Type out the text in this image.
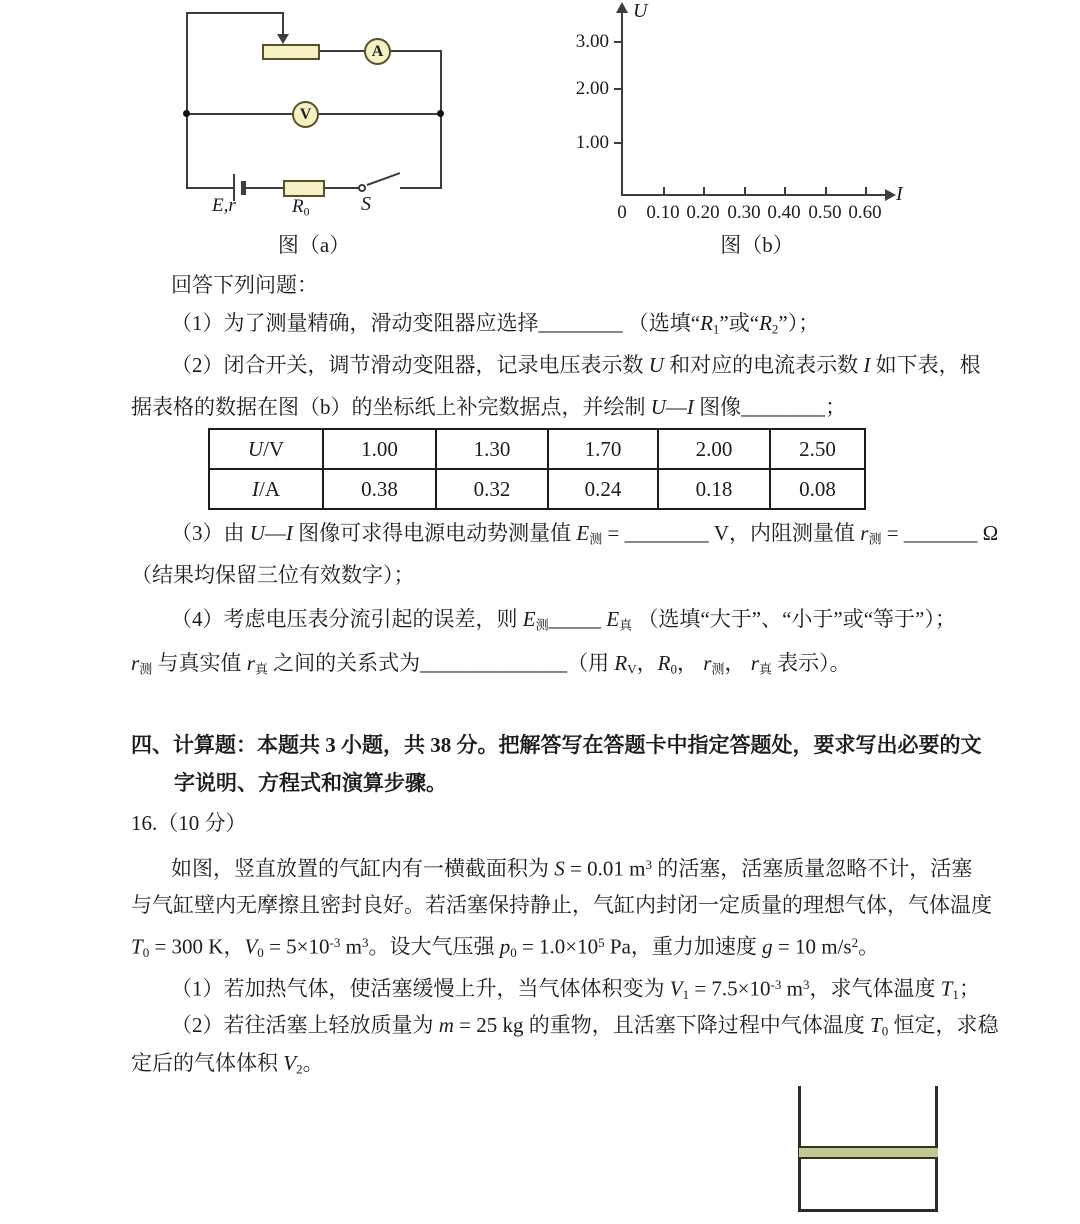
A
V
E,r	R0	S
图（a）
U
I
3.00
2.00
1.00
0	0.10 0.20 0.30 0.40 0.50 0.60
图（b）
回答下列问题：
（1）为了测量精确，滑动变阻器应选择________ （选填“R1”或“R2”）；
（2）闭合开关，调节滑动变阻器，记录电压表示数 U 和对应的电流表示数 I 如下表，根
据表格的数据在图（b）的坐标纸上补完数据点，并绘制 U—I 图像________；
U/V	1.00	1.30	1.70	2.00	2.50
I/A	0.38	0.32	0.24	0.18	0.08
（3）由 U—I 图像可求得电源电动势测量值 E测 = ________ V，内阻测量值 r测 = _______ Ω
（结果均保留三位有效数字）；
（4）考虑电压表分流引起的误差，则 E测_____ E真 （选填“大于”、“小于”或“等于”）；
r测 与真实值 r真 之间的关系式为______________（用 RV，R0， r测， r真 表示）。
四、计算题：本题共 3 小题，共 38 分。把解答写在答题卡中指定答题处，要求写出必要的文
字说明、方程式和演算步骤。
16.（10 分）
如图，竖直放置的气缸内有一横截面积为 S = 0.01 $m^3$ 的活塞，活塞质量忽略不计，活塞
与气缸壁内无摩擦且密封良好。若活塞保持静止，气缸内封闭一定质量的理想气体，气体温度
T0 = 300 K，$V0 = 5\times 10^{-3}$ $m^3$。设大气压强 $p0 = 1.0\times 10^5$ Pa，重力加速度 g = 10 $m/s^2$。
（1）若加热气体，使活塞缓慢上升，当气体体积变为 $V1 = 7.5\times 10^{-3}$ $m^3$，求气体温度 T1；
（2）若往活塞上轻放质量为 m = 25 kg 的重物，且活塞下降过程中气体温度 T0 恒定，求稳
定后的气体体积 V2。
